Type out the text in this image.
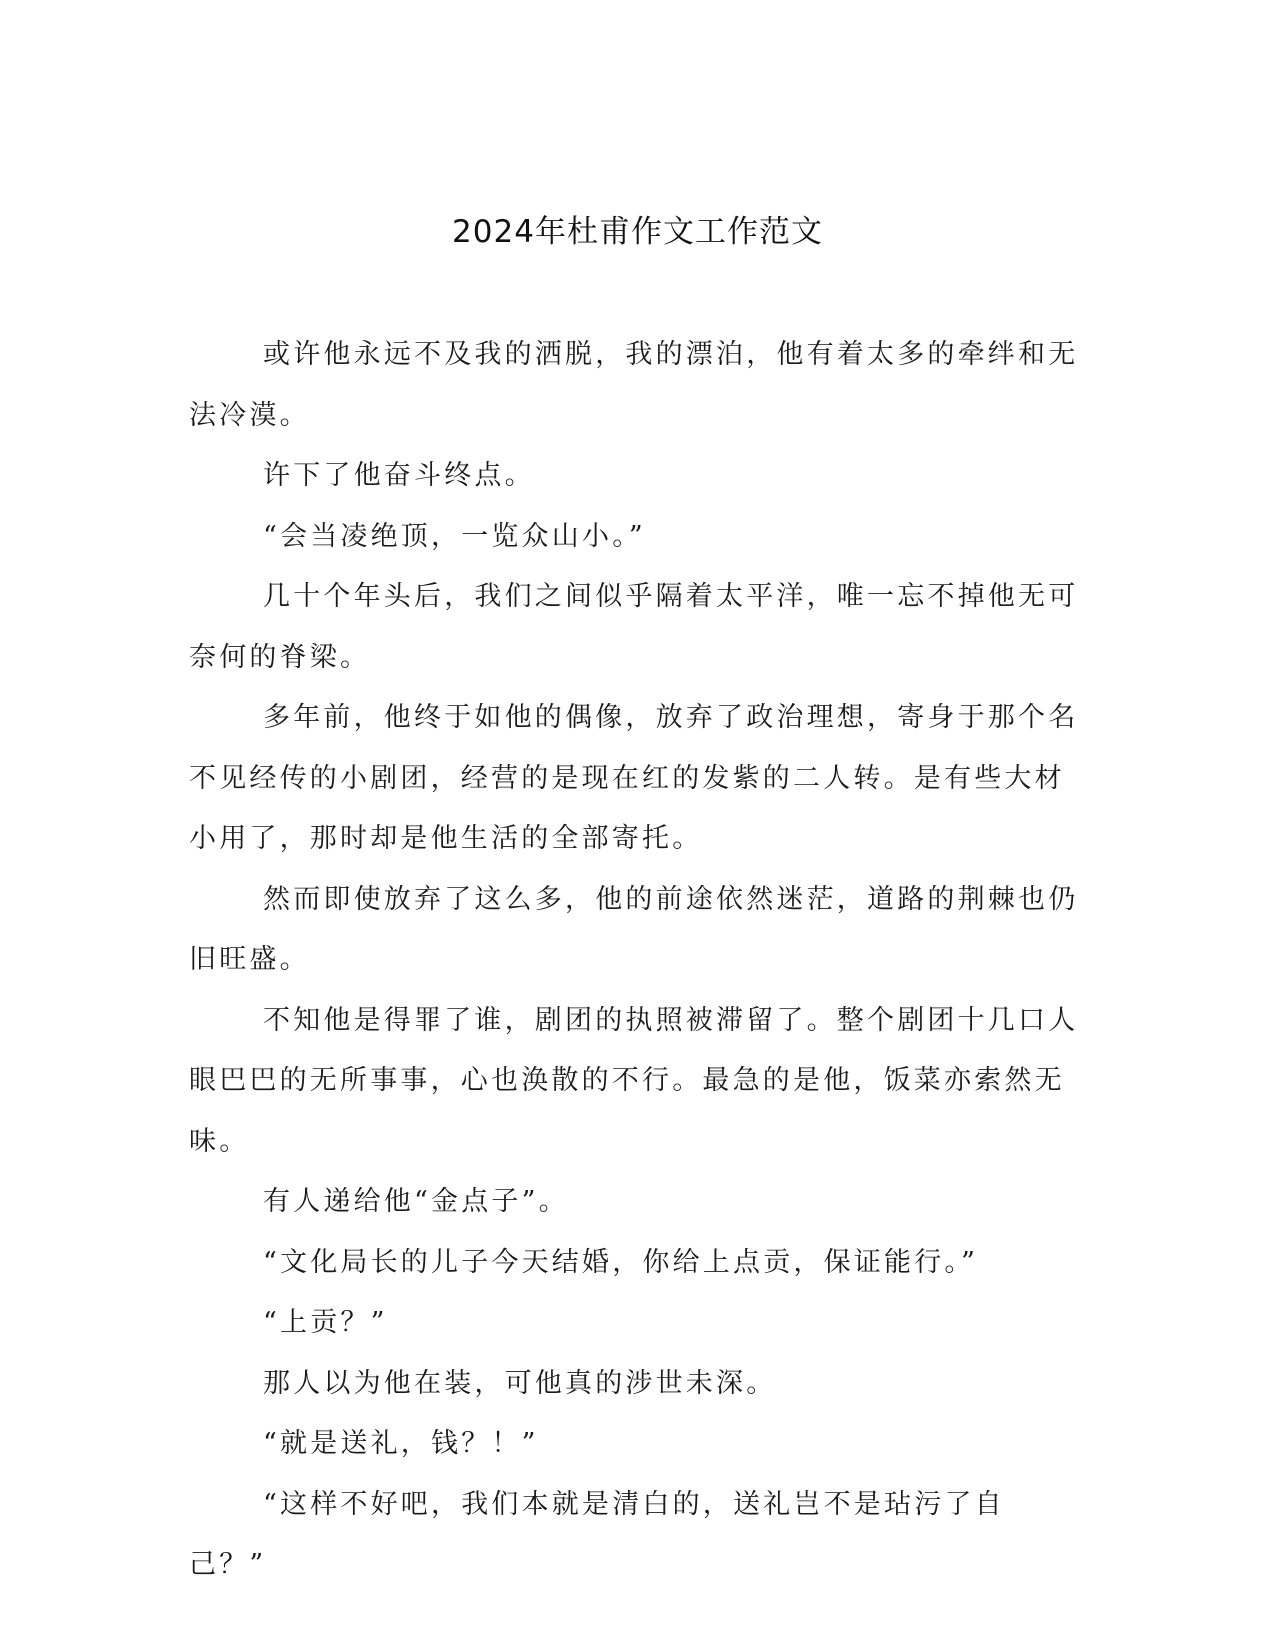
2024年杜甫作文工作范文

或许他永远不及我的洒脱，我的漂泊，他有着太多的牵绊和无法冷漠。

许下了他奋斗终点。

“会当凌绝顶，一览众山小。”

几十个年头后，我们之间似乎隔着太平洋，唯一忘不掉他无可奈何的脊梁。

多年前，他终于如他的偶像，放弃了政治理想，寄身于那个名不见经传的小剧团，经营的是现在红的发紫的二人转。是有些大材小用了，那时却是他生活的全部寄托。

然而即使放弃了这么多，他的前途依然迷茫，道路的荆棘也仍旧旺盛。

不知他是得罪了谁，剧团的执照被滞留了。整个剧团十几口人眼巴巴的无所事事，心也涣散的不行。最急的是他，饭菜亦索然无味。

有人递给他“金点子”。

“文化局长的儿子今天结婚，你给上点贡，保证能行。”

“上贡？”

那人以为他在装，可他真的涉世未深。

“就是送礼，钱？！”

“这样不好吧，我们本就是清白的，送礼岂不是玷污了自己？”
